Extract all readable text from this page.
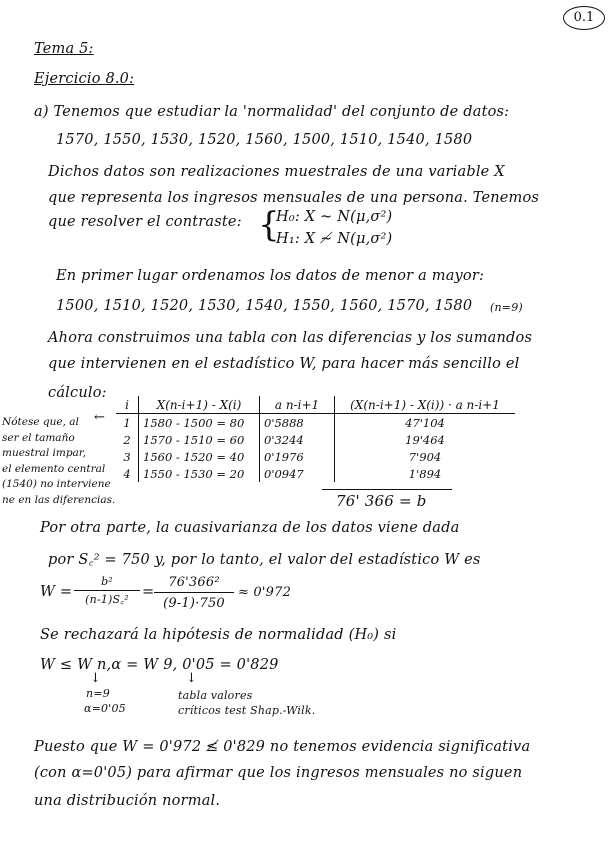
0.1
Tema 5:
Ejercicio 8.0:
a) Tenemos que estudiar la 'normalidad' del conjunto de datos:
1570, 1550, 1530, 1520, 1560, 1500, 1510, 1540, 1580
Dichos datos son realizaciones muestrales de una variable X
que representa los ingresos mensuales de una persona. Tenemos
que resolver el contraste: {
H₀: X ~ N(μ,σ²)
H₁: X ≁ N(μ,σ²)
En primer lugar ordenamos los datos de menor a mayor:
1500, 1510, 1520, 1530, 1540, 1550, 1560, 1570, 1580 (n=9)
Ahora construimos una tabla con las diferencias y los sumandos
que intervienen en el estadístico W, para hacer más sencillo el
cálculo:
Nótese que, al
ser el tamaño
muestral impar,
el elemento central
(1540) no interviene
ne en las diferencias.
←
i	X(n-i+1) - X(i)	a n-i+1	(X(n-i+1) - X(i)) · a n-i+1
1	1580 - 1500 = 80	0'5888	47'104
2	1570 - 1510 = 60	0'3244	19'464
3	1560 - 1520 = 40	0'1976	7'904
4	1550 - 1530 = 20	0'0947	1'894
76' 366 = b
Por otra parte, la cuasivarianza de los datos viene dada
por S꜀² = 750 y, por lo tanto, el valor del estadístico W es
W =
b²
(n-1)S꜀² =
76'366²
(9-1)·750
≈ 0'972
Se rechazará la hipótesis de normalidad (H₀) si
W ≤ W n,α = W 9, 0'05 = 0'829
↓	↓
n=9
α=0'05
tabla valores
críticos test Shap.-Wilk.
Puesto que W = 0'972 ≰ 0'829 no tenemos evidencia significativa
(con α=0'05) para afirmar que los ingresos mensuales no siguen
una distribución normal.
